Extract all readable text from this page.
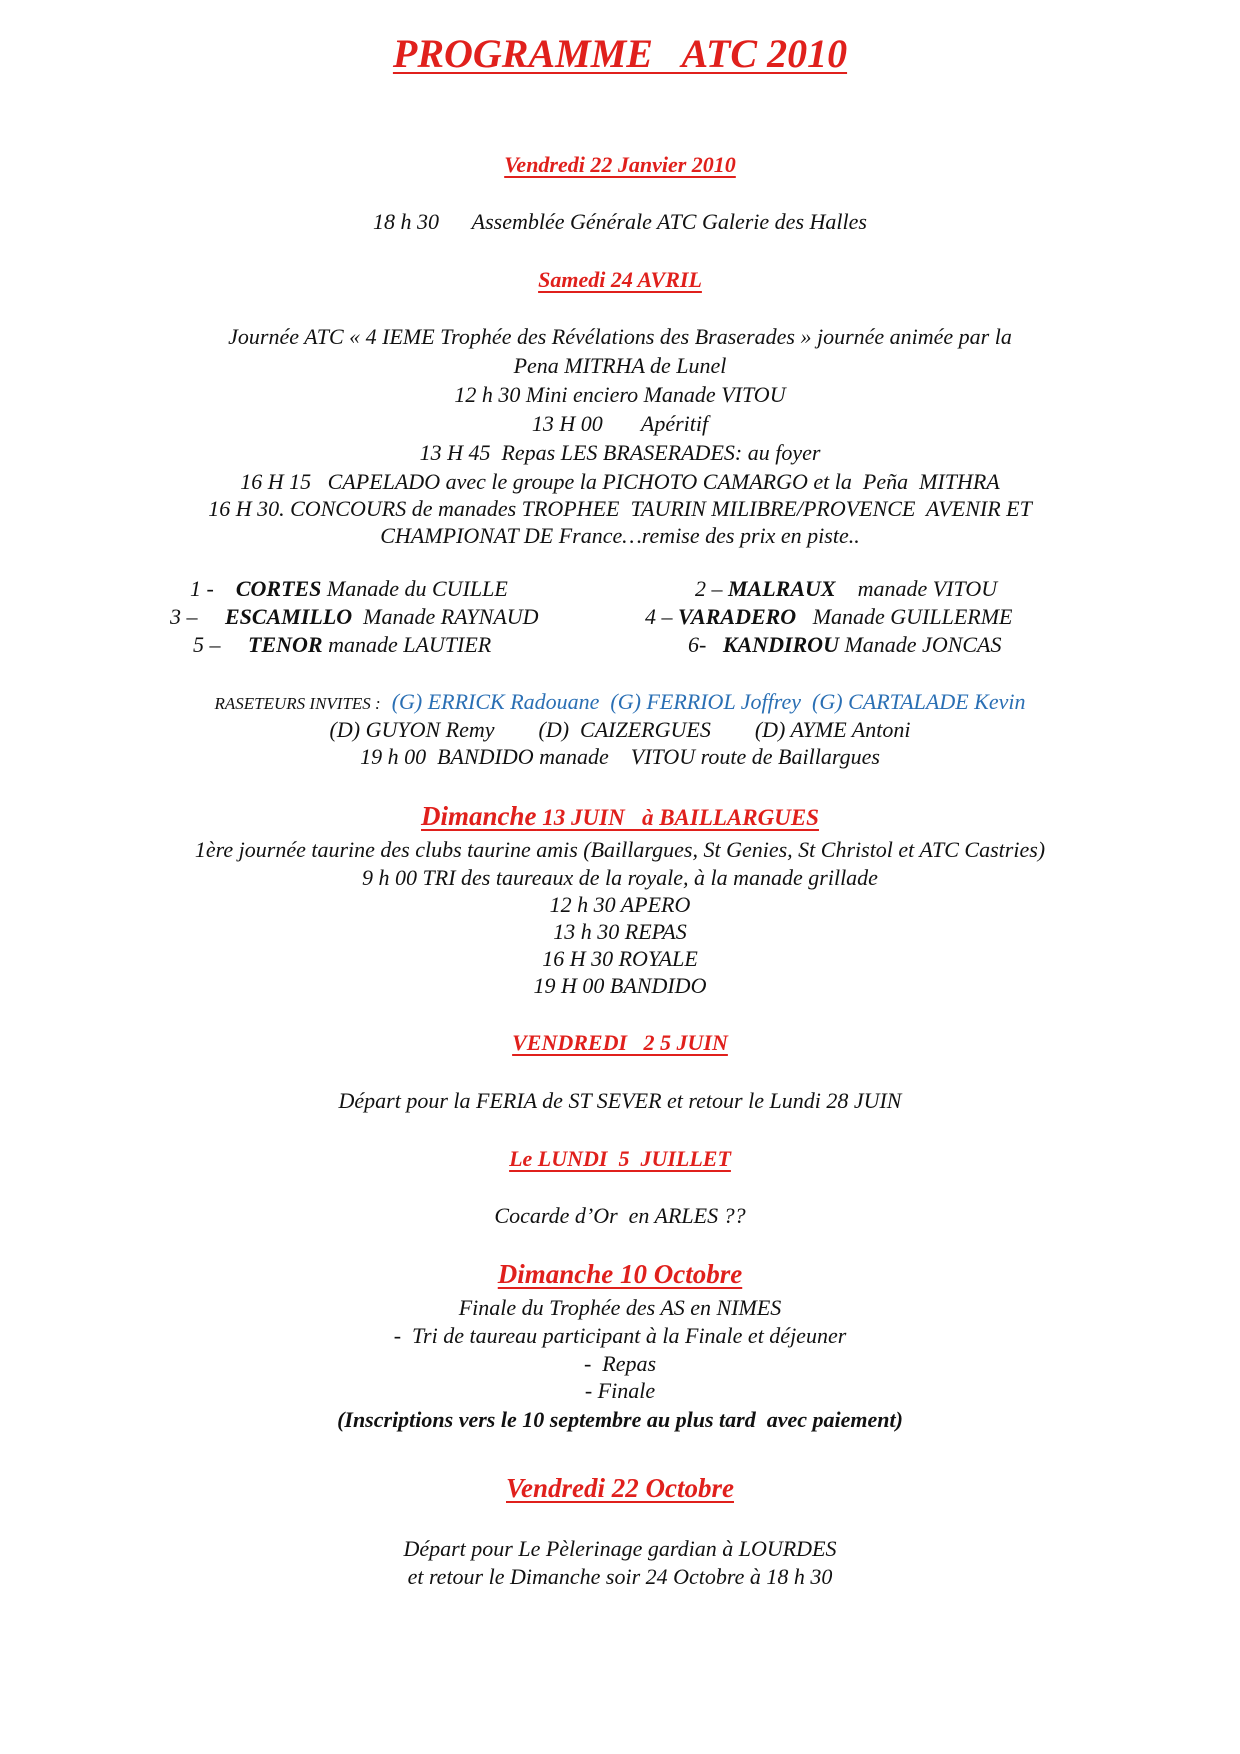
PROGRAMME   ATC 2010
Vendredi 22 Janvier 2010
18 h 30      Assemblée Générale ATC Galerie des Halles
Samedi 24 AVRIL
Journée ATC « 4 IEME Trophée des Révélations des Braserades » journée animée par la
Pena MITRHA de Lunel
12 h 30 Mini enciero Manade VITOU
13 H 00       Apéritif
13 H 45  Repas LES BRASERADES: au foyer
16 H 15   CAPELADO avec le groupe la PICHOTO CAMARGO et la  Peña  MITHRA
16 H 30. CONCOURS de manades TROPHEE  TAURIN MILIBRE/PROVENCE  AVENIR ET
CHAMPIONAT DE France…remise des prix en piste..
1 -    CORTES Manade du CUILLE	2 – MALRAUX    manade VITOU
3 –     ESCAMILLO  Manade RAYNAUD	4 – VARADERO   Manade GUILLERME
5 –     TENOR manade LAUTIER	6-   KANDIROU Manade JONCAS
RASETEURS INVITES :  (G) ERRICK Radouane  (G) FERRIOL Joffrey  (G) CARTALADE Kevin
(D) GUYON Remy        (D)  CAIZERGUES        (D) AYME Antoni
19 h 00  BANDIDO manade    VITOU route de Baillargues
Dimanche 13 JUIN   à BAILLARGUES
1ère journée taurine des clubs taurine amis (Baillargues, St Genies, St Christol et ATC Castries)
9 h 00 TRI des taureaux de la royale, à la manade grillade
12 h 30 APERO
13 h 30 REPAS
16 H 30 ROYALE
19 H 00 BANDIDO
VENDREDI   2 5 JUIN
Départ pour la FERIA de ST SEVER et retour le Lundi 28 JUIN
Le LUNDI  5  JUILLET
Cocarde d’Or  en ARLES ??
Dimanche 10 Octobre
Finale du Trophée des AS en NIMES
-  Tri de taureau participant à la Finale et déjeuner
-  Repas
- Finale
(Inscriptions vers le 10 septembre au plus tard  avec paiement)
Vendredi 22 Octobre
Départ pour Le Pèlerinage gardian à LOURDES
et retour le Dimanche soir 24 Octobre à 18 h 30
